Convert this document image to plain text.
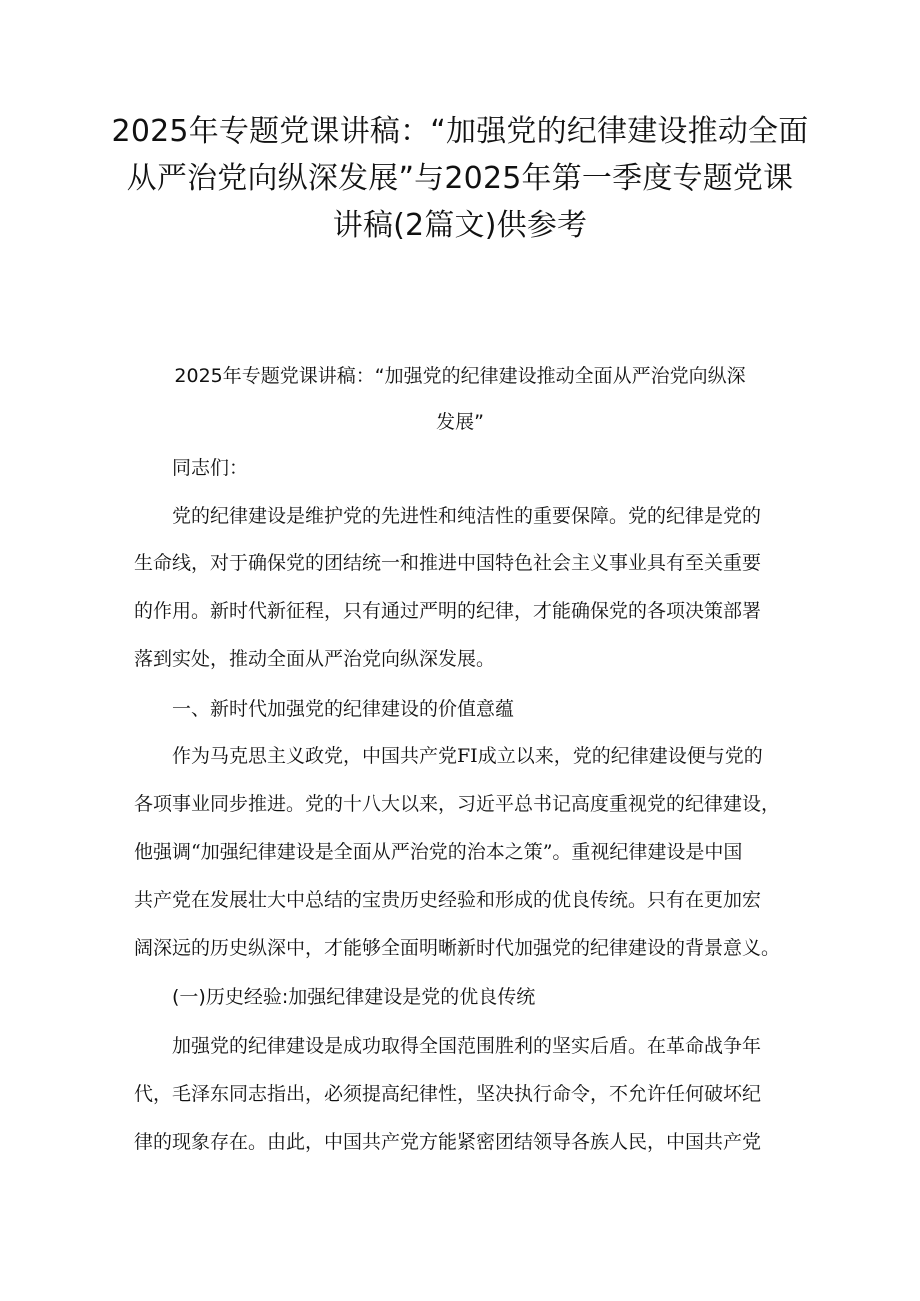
2025年专题党课讲稿：“加强党的纪律建设推动全面
从严治党向纵深发展”与2025年第一季度专题党课
讲稿(2篇文)供参考
2025年专题党课讲稿：“加强党的纪律建设推动全面从严治党向纵深
发展”
同志们：
党的纪律建设是维护党的先进性和纯洁性的重要保障。党的纪律是党的
生命线，对于确保党的团结统一和推进中国特色社会主义事业具有至关重要
的作用。新时代新征程，只有通过严明的纪律，才能确保党的各项决策部署
落到实处，推动全面从严治党向纵深发展。
一、新时代加强党的纪律建设的价值意蕴
作为马克思主义政党，中国共产党FI成立以来，党的纪律建设便与党的
各项事业同步推进。党的十八大以来，习近平总书记高度重视党的纪律建设，
他强调“加强纪律建设是全面从严治党的治本之策”。重视纪律建设是中国
共产党在发展壮大中总结的宝贵历史经验和形成的优良传统。只有在更加宏
阔深远的历史纵深中，才能够全面明晰新时代加强党的纪律建设的背景意义。
(一)历史经验:加强纪律建设是党的优良传统
加强党的纪律建设是成功取得全国范围胜利的坚实后盾。在革命战争年
代，毛泽东同志指出，必须提高纪律性，坚决执行命令，不允许任何破坏纪
律的现象存在。由此，中国共产党方能紧密团结领导各族人民，中国共产党
